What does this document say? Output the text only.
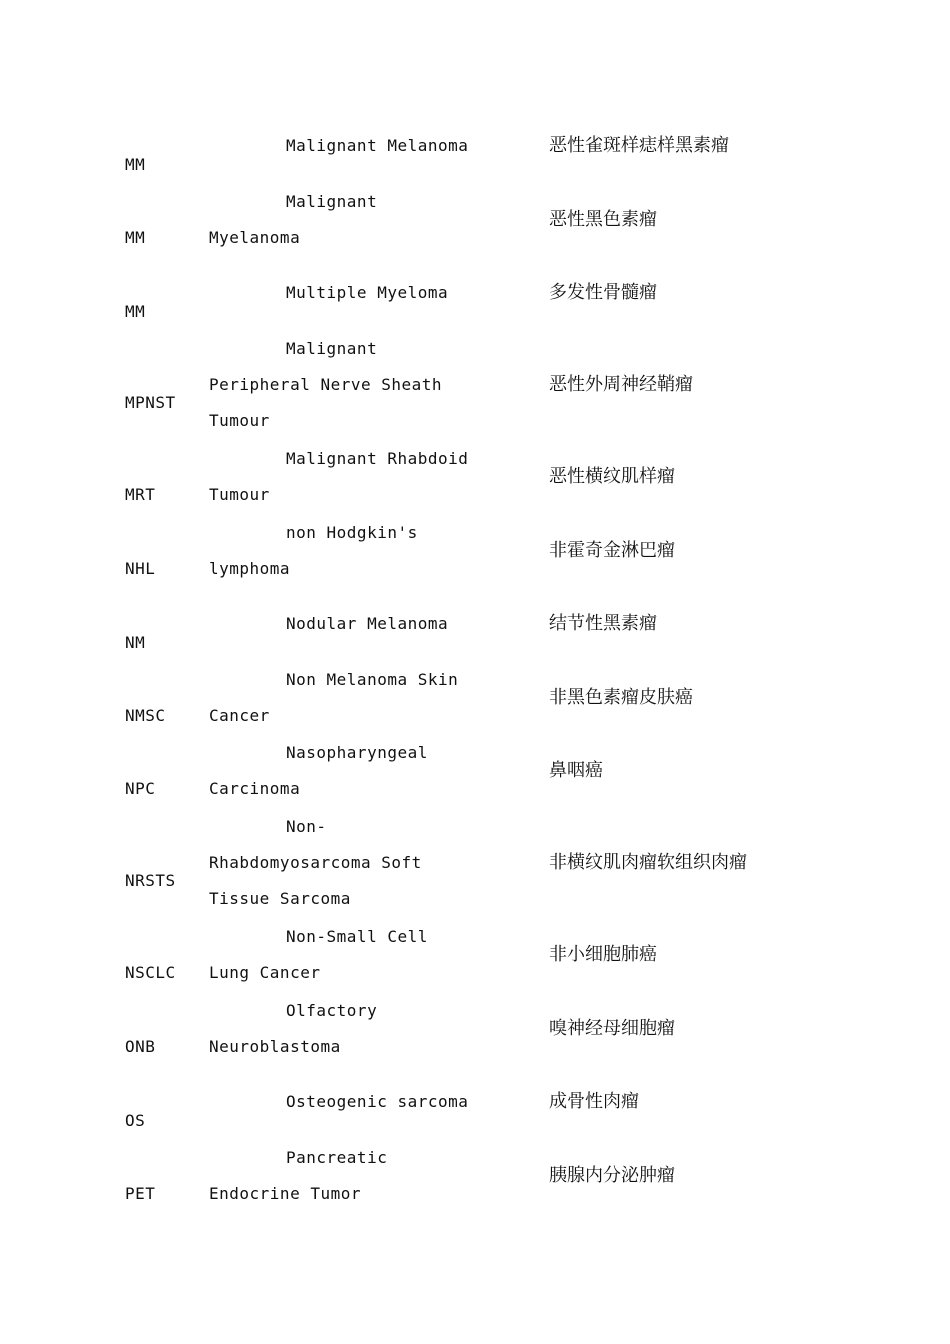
Malignant Melanoma
MM
恶性雀斑样痣样黑素瘤
Malignant
Myelanoma
MM
恶性黑色素瘤
Multiple Myeloma
MM
多发性骨髓瘤
Malignant
Peripheral Nerve Sheath
Tumour
MPNST
恶性外周神经鞘瘤
Malignant Rhabdoid
Tumour
MRT
恶性横纹肌样瘤
non Hodgkin's
lymphoma
NHL
非霍奇金淋巴瘤
Nodular Melanoma
NM
结节性黑素瘤
Non Melanoma Skin
Cancer
NMSC
非黑色素瘤皮肤癌
Nasopharyngeal
Carcinoma
NPC
鼻咽癌
Non-
Rhabdomyosarcoma Soft
Tissue Sarcoma
NRSTS
非横纹肌肉瘤软组织肉瘤
Non-Small Cell
Lung Cancer
NSCLC
非小细胞肺癌
Olfactory
Neuroblastoma
ONB
嗅神经母细胞瘤
Osteogenic sarcoma
OS
成骨性肉瘤
Pancreatic
Endocrine Tumor
PET
胰腺内分泌肿瘤
